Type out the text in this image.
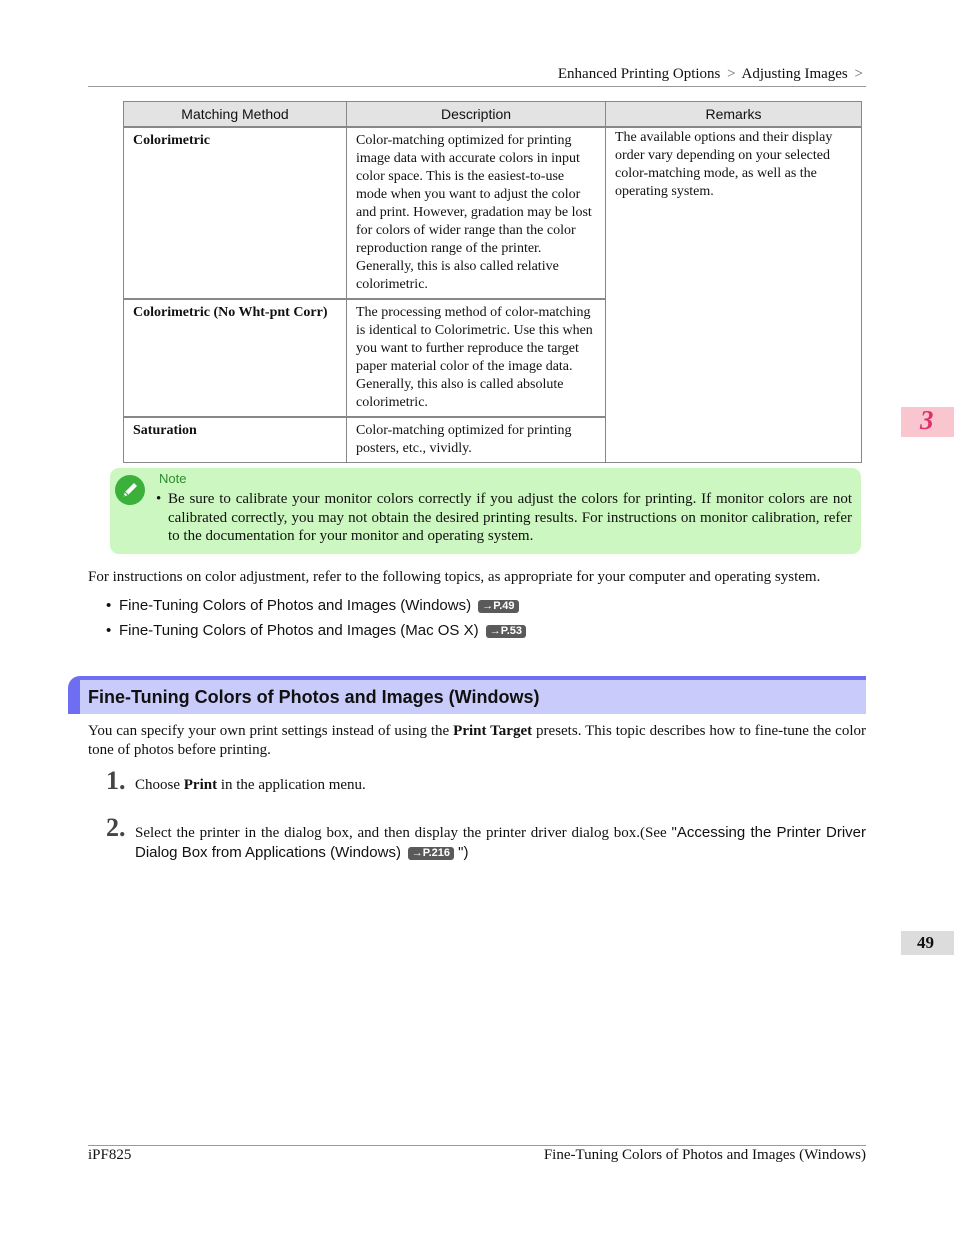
Enhanced Printing Options > Adjusting Images >
Matching Method	Description	Remarks
Colorimetric	Color-matching optimized for printing image data with accurate colors in input color space. This is the easiest-to-use mode when you want to adjust the color and print. However, gradation may be lost for colors of wider range than the color reproduction range of the printer. Generally, this is also called relative colorimetric.	The available options and their display order vary depending on your selected color-matching mode, as well as the operating system.
Colorimetric (No Wht-pnt Corr)	The processing method of color-matching is identical to Colorimetric. Use this when you want to further reproduce the target paper material color of the image data. Generally, this also is called absolute colorimetric.	
Saturation	Color-matching optimized for printing posters, etc., vividly.	
Note
• Be sure to calibrate your monitor colors correctly if you adjust the colors for printing. If monitor colors are not calibrated correctly, you may not obtain the desired printing results. For instructions on monitor calibration, refer to the documentation for your monitor and operating system.
For instructions on color adjustment, refer to the following topics, as appropriate for your computer and operating system.
• Fine-Tuning Colors of Photos and Images (Windows) →P.49
• Fine-Tuning Colors of Photos and Images (Mac OS X) →P.53
Fine-Tuning Colors of Photos and Images (Windows)
You can specify your own print settings instead of using the Print Target presets. This topic describes how to fine-tune the color tone of photos before printing.
1. Choose Print in the application menu.
2. Select the printer in the dialog box, and then display the printer driver dialog box.(See "Accessing the Printer Driver Dialog Box from Applications (Windows) →P.216 ")
3
49
iPF825	Fine-Tuning Colors of Photos and Images (Windows)
